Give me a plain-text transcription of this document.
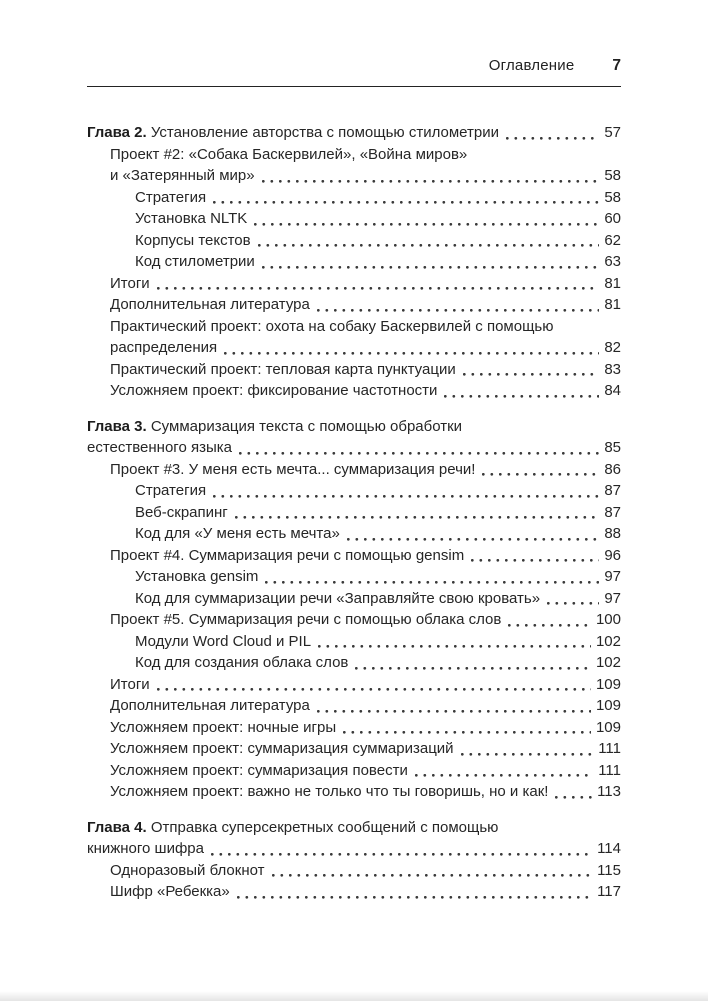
Оглавление 7
Глава 2. Установление авторства с помощью стилометрии	57
Проект #2: «Собака Баскервилей», «Война миров»
и «Затерянный мир»	58
Стратегия	58
Установка NLTK	60
Корпусы текстов	62
Код стилометрии	63
Итоги	81
Дополнительная литература	81
Практический проект: охота на собаку Баскервилей с помощью
распределения	82
Практический проект: тепловая карта пунктуации	83
Усложняем проект: фиксирование частотности	84
Глава 3. Суммаризация текста с помощью обработки
естественного языка	85
Проект #3. У меня есть мечта... суммаризация речи!	86
Стратегия	87
Веб-скрапинг	87
Код для «У меня есть мечта»	88
Проект #4. Суммаризация речи с помощью gensim	96
Установка gensim	97
Код для суммаризации речи «Заправляйте свою кровать»	97
Проект #5. Суммаризация речи с помощью облака слов	100
Модули Word Cloud и PIL	102
Код для создания облака слов	102
Итоги	109
Дополнительная литература	109
Усложняем проект: ночные игры	109
Усложняем проект: суммаризация суммаризаций	111
Усложняем проект: суммаризация повести	111
Усложняем проект: важно не только что ты говоришь, но и как!	113
Глава 4. Отправка суперсекретных сообщений с помощью
книжного шифра	114
Одноразовый блокнот	115
Шифр «Ребекка»	117
